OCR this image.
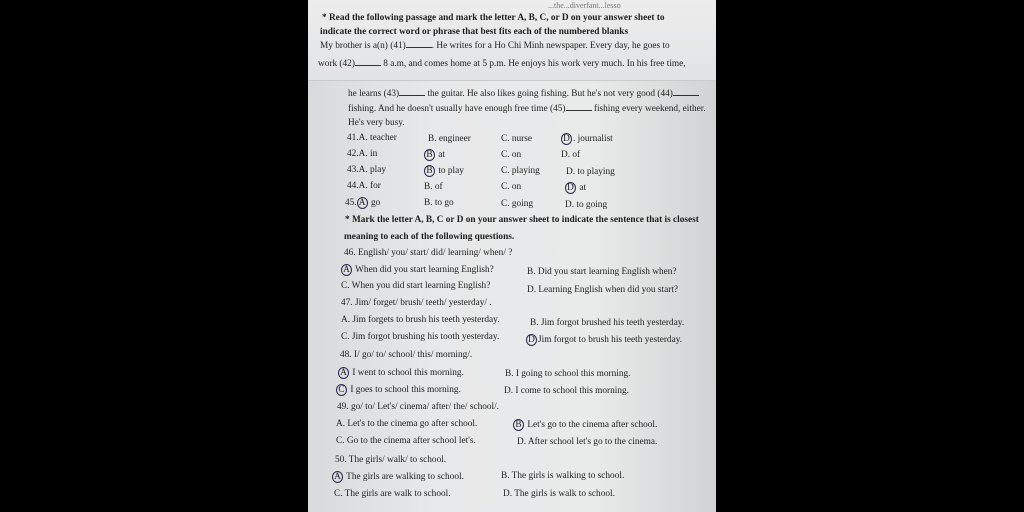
...the...diverfant...lesso
* Read the following passage and mark the letter A, B, C, or D on your answer sheet to
indicate the correct word or phrase that best fits each of the numbered blanks
My brother is a(n) (41)	. He writes for a Ho Chi Minh newspaper. Every day, he goes to
work (42)	8 a.m, and comes home at 5 p.m. He enjoys his work very much. In his free time,
he learns (43)	the guitar. He also likes going fishing. But he's not very good (44)
fishing. And he doesn't usually have enough free time (45)	fishing every weekend, either.
He's very busy.
41.A. teacher	B. engineer	C. nurse	D . journalist
42.A. in	B at	C. on	D. of
43.A. play	B to play	C. playing	D. to playing
44.A. for	B. of	C. on	D at
45. A go	B. to go	C. going	D. to going
* Mark the letter A, B, C or D on your answer sheet to indicate the sentence that is closest
meaning to each of the following questions.
46. English/ you/ start/ did/ learning/ when/ ?
A When did you start learning English?	B. Did you start learning English when?
C. When you did start learning English?	D. Learning English when did you start?
47. Jim/ forget/ brush/ teeth/ yesterday/ .
A. Jim forgets to brush his teeth yesterday.	B. Jim forgot brushed his teeth yesterday.
C. Jim forgot brushing his tooth yesterday.	D Jim forgot to brush his teeth yesterday.
48. I/ go/ to/ school/ this/ morning/.
A I went to school this morning.	B. I going to school this morning.
C I goes to school this morning.	D. I come to school this morning.
49. go/ to/ Let's/ cinema/ after/ the/ school/.
A. Let's to the cinema go after school.	B Let's go to the cinema after school.
C. Go to the cinema after school let's.	D. After school let's go to the cinema.
50. The girls/ walk/ to school.
A The girls are walking to school.	B. The girls is walking to school.
C. The girls are walk to school.	D. The girls is walk to school.
